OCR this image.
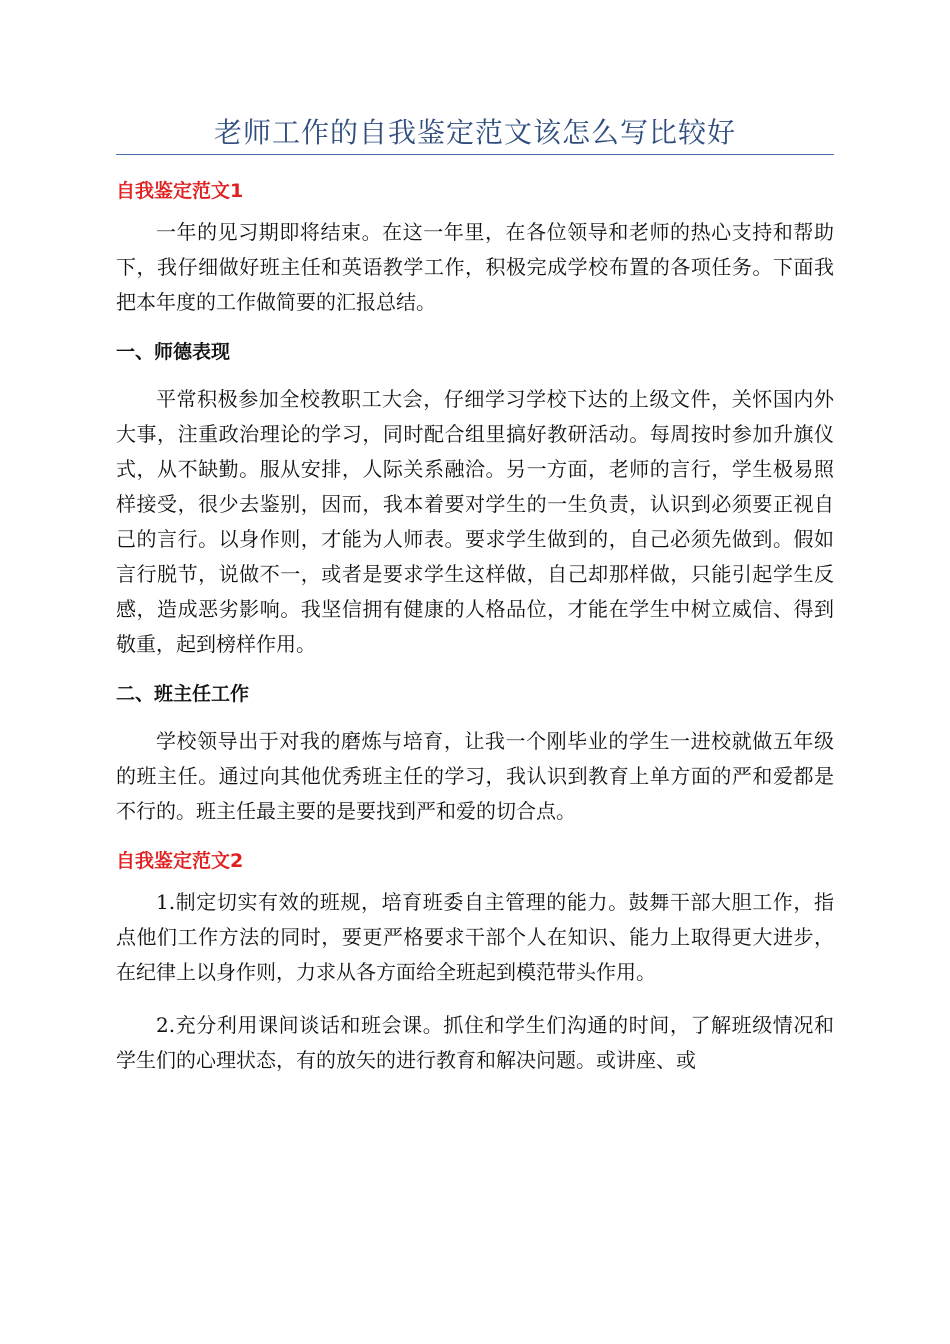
老师工作的自我鉴定范文该怎么写比较好
自我鉴定范文1

一年的见习期即将结束。在这一年里，在各位领导和老师的热心支持和帮助下，我仔细做好班主任和英语教学工作，积极完成学校布置的各项任务。下面我把本年度的工作做简要的汇报总结。

一、师德表现

平常积极参加全校教职工大会，仔细学习学校下达的上级文件，关怀国内外大事，注重政治理论的学习，同时配合组里搞好教研活动。每周按时参加升旗仪式，从不缺勤。服从安排，人际关系融洽。另一方面，老师的言行，学生极易照样接受，很少去鉴别，因而，我本着要对学生的一生负责，认识到必须要正视自己的言行。以身作则，才能为人师表。要求学生做到的，自己必须先做到。假如言行脱节，说做不一，或者是要求学生这样做，自己却那样做，只能引起学生反感，造成恶劣影响。我坚信拥有健康的人格品位，才能在学生中树立威信、得到敬重，起到榜样作用。

二、班主任工作

学校领导出于对我的磨炼与培育，让我一个刚毕业的学生一进校就做五年级的班主任。通过向其他优秀班主任的学习，我认识到教育上单方面的严和爱都是不行的。班主任最主要的是要找到严和爱的切合点。

自我鉴定范文2

1.制定切实有效的班规，培育班委自主管理的能力。鼓舞干部大胆工作，指点他们工作方法的同时，要更严格要求干部个人在知识、能力上取得更大进步，在纪律上以身作则，力求从各方面给全班起到模范带头作用。

2.充分利用课间谈话和班会课。抓住和学生们沟通的时间，了解班级情况和学生们的心理状态，有的放矢的进行教育和解决问题。或讲座、或
